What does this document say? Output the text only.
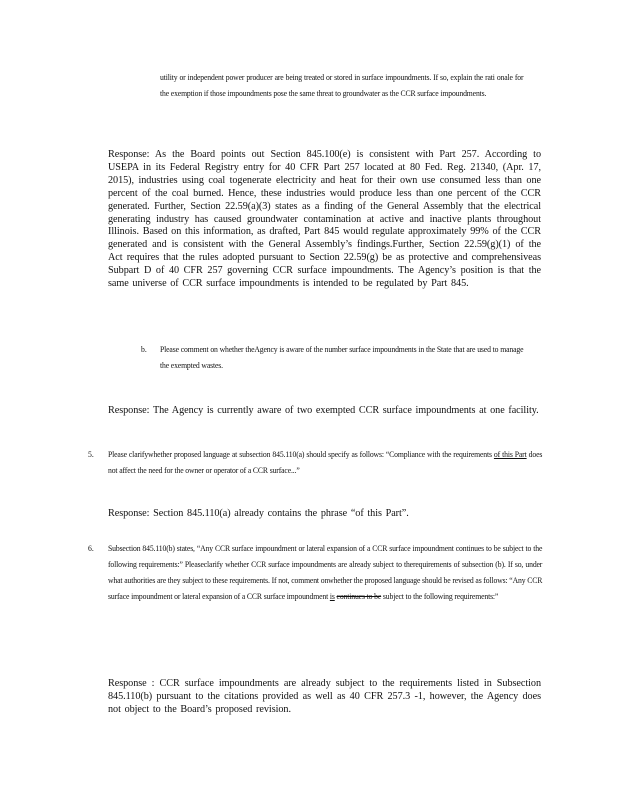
utility or independent power producer are being treated or stored in surface impoundments. If so, explain the rati onale for the exemption if those impoundments pose the same threat to groundwater as the CCR surface impoundments.

Response: As the Board points out Section 845.100(e) is consistent with Part 257. According to USEPA in its Federal Registry entry for 40 CFR Part 257 located at 80 Fed. Reg. 21340, (Apr. 17, 2015), industries using coal togenerate electricity and heat for their own use consumed less than one percent of the coal burned. Hence, these industries would produce less than one percent of the CCR generated. Further, Section 22.59(a)(3) states as a finding of the General Assembly that the electrical generating industry has caused groundwater contamination at active and inactive plants throughout Illinois. Based on this information, as drafted, Part 845 would regulate approximately 99% of the CCR generated and is consistent with the General Assembly’s findings.Further, Section 22.59(g)(1) of the Act requires that the rules adopted pursuant to Section 22.59(g) be as protective and comprehensiveas Subpart D of 40 CFR 257 governing CCR surface impoundments. The Agency’s position is that the same universe of CCR surface impoundments is intended to be regulated by Part 845.

b. Please comment on whether theAgency is aware of the number surface impoundments in the State that are used to manage the exempted wastes.

Response: The Agency is currently aware of two exempted CCR surface impoundments at one facility.

5. Please clarifywhether proposed language at subsection 845.110(a) should specify as follows: “Compliance with the requirements of this Part does not affect the need for the owner or operator of a CCR surface...”

Response: Section 845.110(a) already contains the phrase “of this Part”.

6. Subsection 845.110(b) states, “Any CCR surface impoundment or lateral expansion of a CCR surface impoundment continues to be subject to the following requirements:” Pleaseclarify whether CCR surface impoundments are already subject to therequirements of subsection (b). If so, under what authorities are they subject to these requirements. If not, comment onwhether the proposed language should be revised as follows: “Any CCR surface impoundment or lateral expansion of a CCR surface impoundment is continues to be subject to the following requirements:”

Response : CCR surface impoundments are already subject to the requirements listed in Subsection 845.110(b) pursuant to the citations provided as well as 40 CFR 257.3 -1, however, the Agency does not object to the Board’s proposed revision.
